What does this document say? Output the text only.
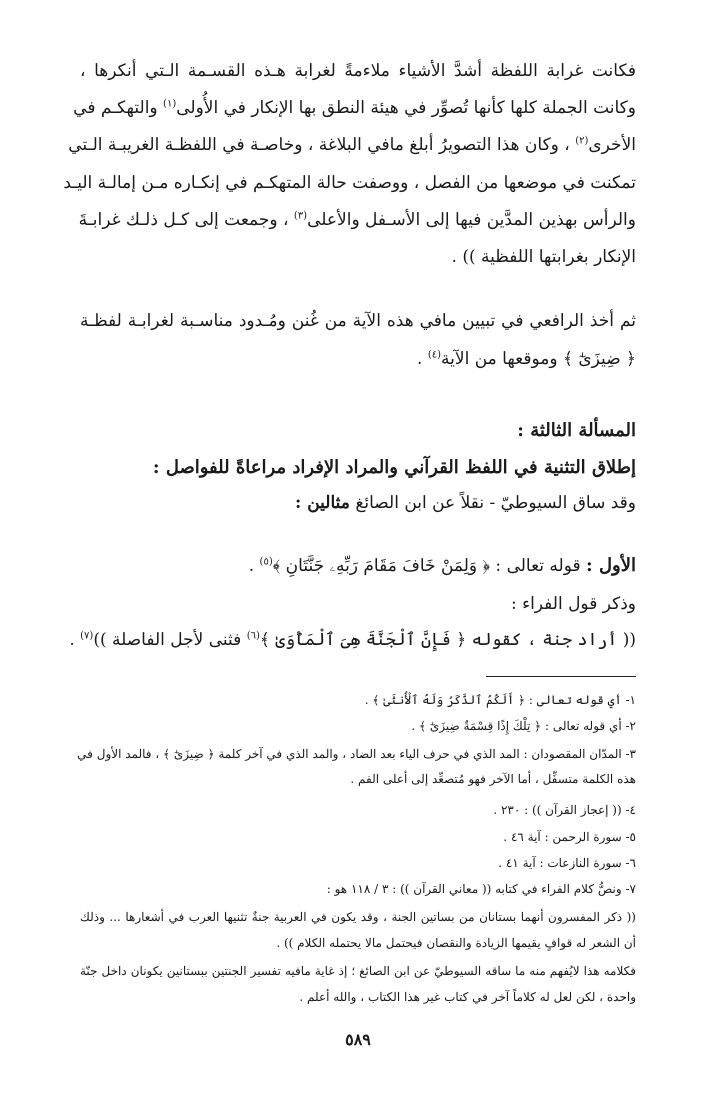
فكانت غرابة اللفظة أشدَّ الأشياء ملاءمةً لغرابة هـذه القسـمة الـتي أنكرها ،
وكانت الجملة كلها كأنها تُصوِّر في هيئة النطق بها الإنكار في الأُولى$^{(١)}$ والتهكـم في
الأخرى$^{(٢)}$ ، وكان هذا التصويرُ أبلغ مافي البلاغة ، وخاصـة في اللفظـة الغريبـة الـتي
تمكنت في موضعها من الفصل ، ووصفت حالة المتهكـم في إنكـاره مـن إمالـة اليـد
والرأس بهذين المدَّين فيها إلى الأسـفل والأعلى$^{(٣)}$ ، وجمعت إلى كـل ذلـك غرابـةَ
الإنكار بغرابتها اللفظية )) .
ثم أخذ الرافعي في تبيين مافي هذه الآية من غُنن ومُـدود مناسـبة لغرابـة لفظـة
﴿ ضِيزَىٰٓ ﴾ وموقعها من الآية$^{(٤)}$ .
المسألة الثالثة :
إطلاق التثنية في اللفظ القرآني والمراد الإفراد مراعاةً للفواصل :
وقد ساق السيوطيّ - نقلاً عن ابن الصائغ مثالين :
الأول : قوله تعالى : ﴿ وَلِمَنْ خَافَ مَقَامَ رَبِّهِۦ جَنَّتَانِ ﴾$^{(٥)}$ .
وذكر قول الفراء :
(( أراد جنة ، كقوله ﴿ فَإِنَّ ٱلْجَنَّةَ هِىَ ٱلْمَأْوَىٰ ﴾$^{(٦)}$ فثنى لأجل الفاصلة ))$^{(٧)}$ .
١- أي قوله تعالى : ﴿ أَلَكُمُ ٱلذَّكَرُ وَلَهُ ٱلْأُنثَىٰ ﴾ .
٢- أي قوله تعالى : ﴿ تِلْكَ إِذًا قِسْمَةٌ ضِيزَىٰٓ ﴾ .
٣- المدّان المقصودان : المد الذي في حرف الياء بعد الضاد ، والمد الذي في آخر كلمة ﴿ ضِيزَىٰٓ ﴾ ، فالمد الأول في
هذه الكلمة متسفِّل ، أما الآخر فهو مُتصعِّد إلى أعلى الفم .
٤- (( إعجاز القرآن )) : ٢٣٠ .
٥- سورة الرحمن : آية ٤٦ .
٦- سورة النازعات : آية ٤١ .
٧- ونصُّ كلام الفراء في كتابه (( معاني القرآن )) : ٣ / ١١٨ هو :
(( ذكر المفسرون أنهما بستانان من بساتين الجنة ، وقد يكون في العربية جنةٌ تثنيها العرب في أشعارها ... وذلك
أن الشعر له قوافٍ يقيمها الزيادة والنقصان فيحتمل مالا يحتمله الكلام )) .
فكلامه هذا لايُفهم منه ما ساقه السيوطيّ عن ابن الصائغ ؛ إذ غاية مافيه تفسير الجنتين ببستانين يكونان داخل جنّة
واحدة ، لكن لعل له كلاماً آخر في كتاب غير هذا الكتاب ، والله أعلم .
٥٨٩
